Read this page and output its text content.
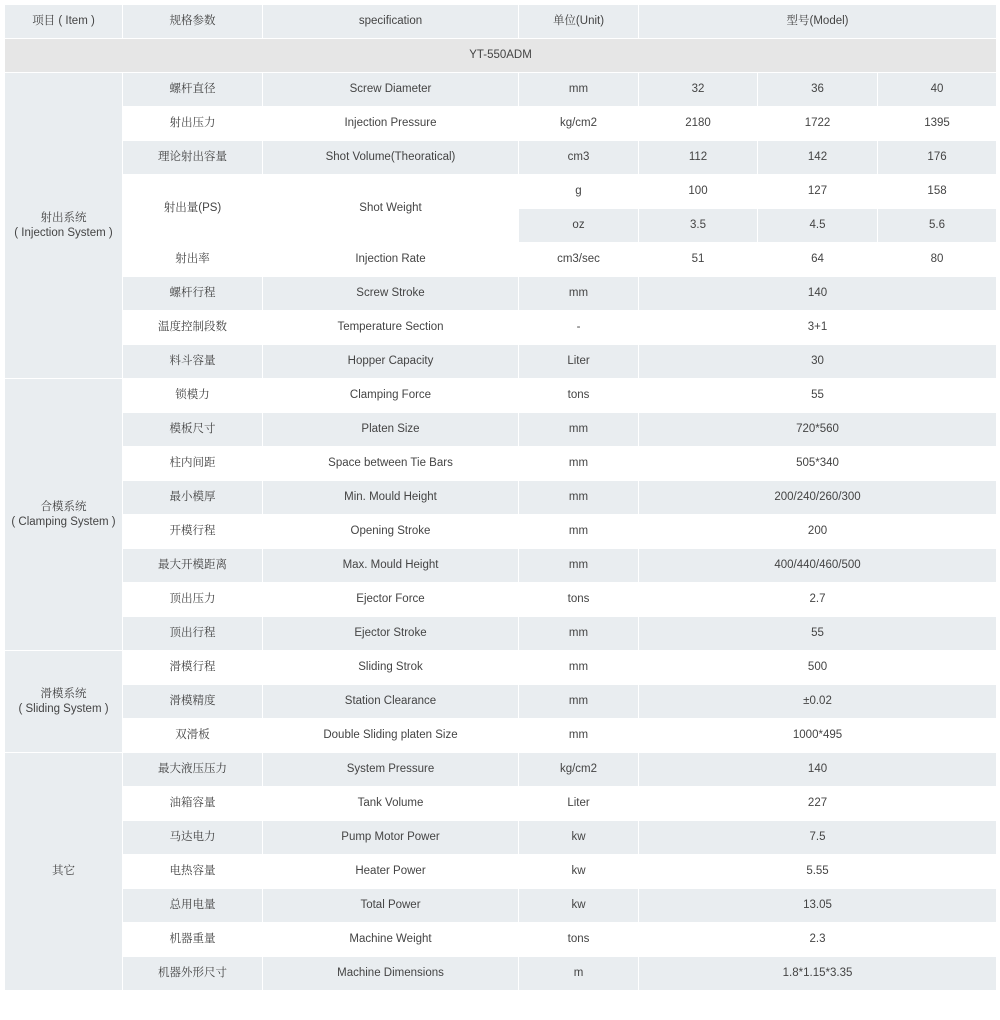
项目 ( Item )	规格参数	specification	单位(Unit)	型号(Model)		
YT-550ADM						
射出系统
( Injection System )	螺杆直径	Screw Diameter	mm	32	36	40
	射出压力	Injection Pressure	kg/cm2	2180	1722	1395
	理论射出容量	Shot Volume(Theoratical)	cm3	112	142	176
	射出量(PS)	Shot Weight	g	100	127	158
			oz	3.5	4.5	5.6
	射出率	Injection Rate	cm3/sec	51	64	80
	螺杆行程	Screw Stroke	mm	140		
	温度控制段数	Temperature Section	-	3+1		
	料斗容量	Hopper Capacity	Liter	30		
合模系统
( Clamping System )	锁模力	Clamping Force	tons	55		
	模板尺寸	Platen Size	mm	720*560		
	柱内间距	Space between Tie Bars	mm	505*340		
	最小模厚	Min. Mould Height	mm	200/240/260/300		
	开模行程	Opening Stroke	mm	200		
	最大开模距离	Max. Mould Height	mm	400/440/460/500		
	顶出压力	Ejector Force	tons	2.7		
	顶出行程	Ejector Stroke	mm	55		
滑模系统
( Sliding System )	滑模行程	Sliding Strok	mm	500		
	滑模精度	Station Clearance	mm	±0.02		
	双滑板	Double Sliding platen Size	mm	1000*495		
其它	最大液压压力	System Pressure	kg/cm2	140		
	油箱容量	Tank Volume	Liter	227		
	马达电力	Pump Motor Power	kw	7.5		
	电热容量	Heater Power	kw	5.55		
	总用电量	Total Power	kw	13.05		
	机器重量	Machine Weight	tons	2.3		
	机器外形尺寸	Machine Dimensions	m	1.8*1.15*3.35		
